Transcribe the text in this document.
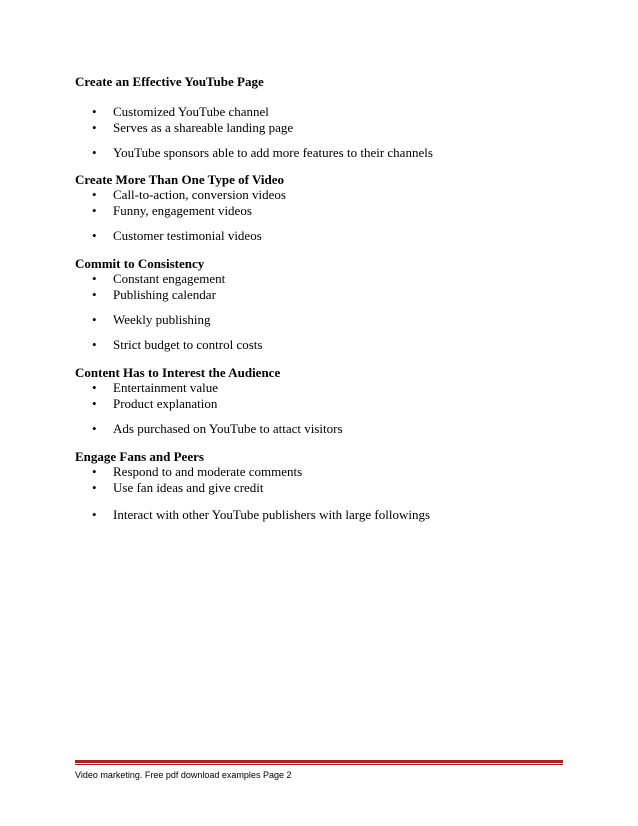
Create an Effective YouTube Page
•	Customized YouTube channel
•	Serves as a shareable landing page
•	YouTube sponsors able to add more features to their channels
Create More Than One Type of Video
•	Call-to-action, conversion videos
•	Funny, engagement videos
•	Customer testimonial videos
Commit to Consistency
•	Constant engagement
•	Publishing calendar
•	Weekly publishing
•	Strict budget to control costs
Content Has to Interest the Audience
•	Entertainment value
•	Product explanation
•	Ads purchased on YouTube to attact visitors
Engage Fans and Peers
•	Respond to and moderate comments
•	Use fan ideas and give credit
•	Interact with other YouTube publishers with large followings
Video marketing. Free pdf download examples Page 2
